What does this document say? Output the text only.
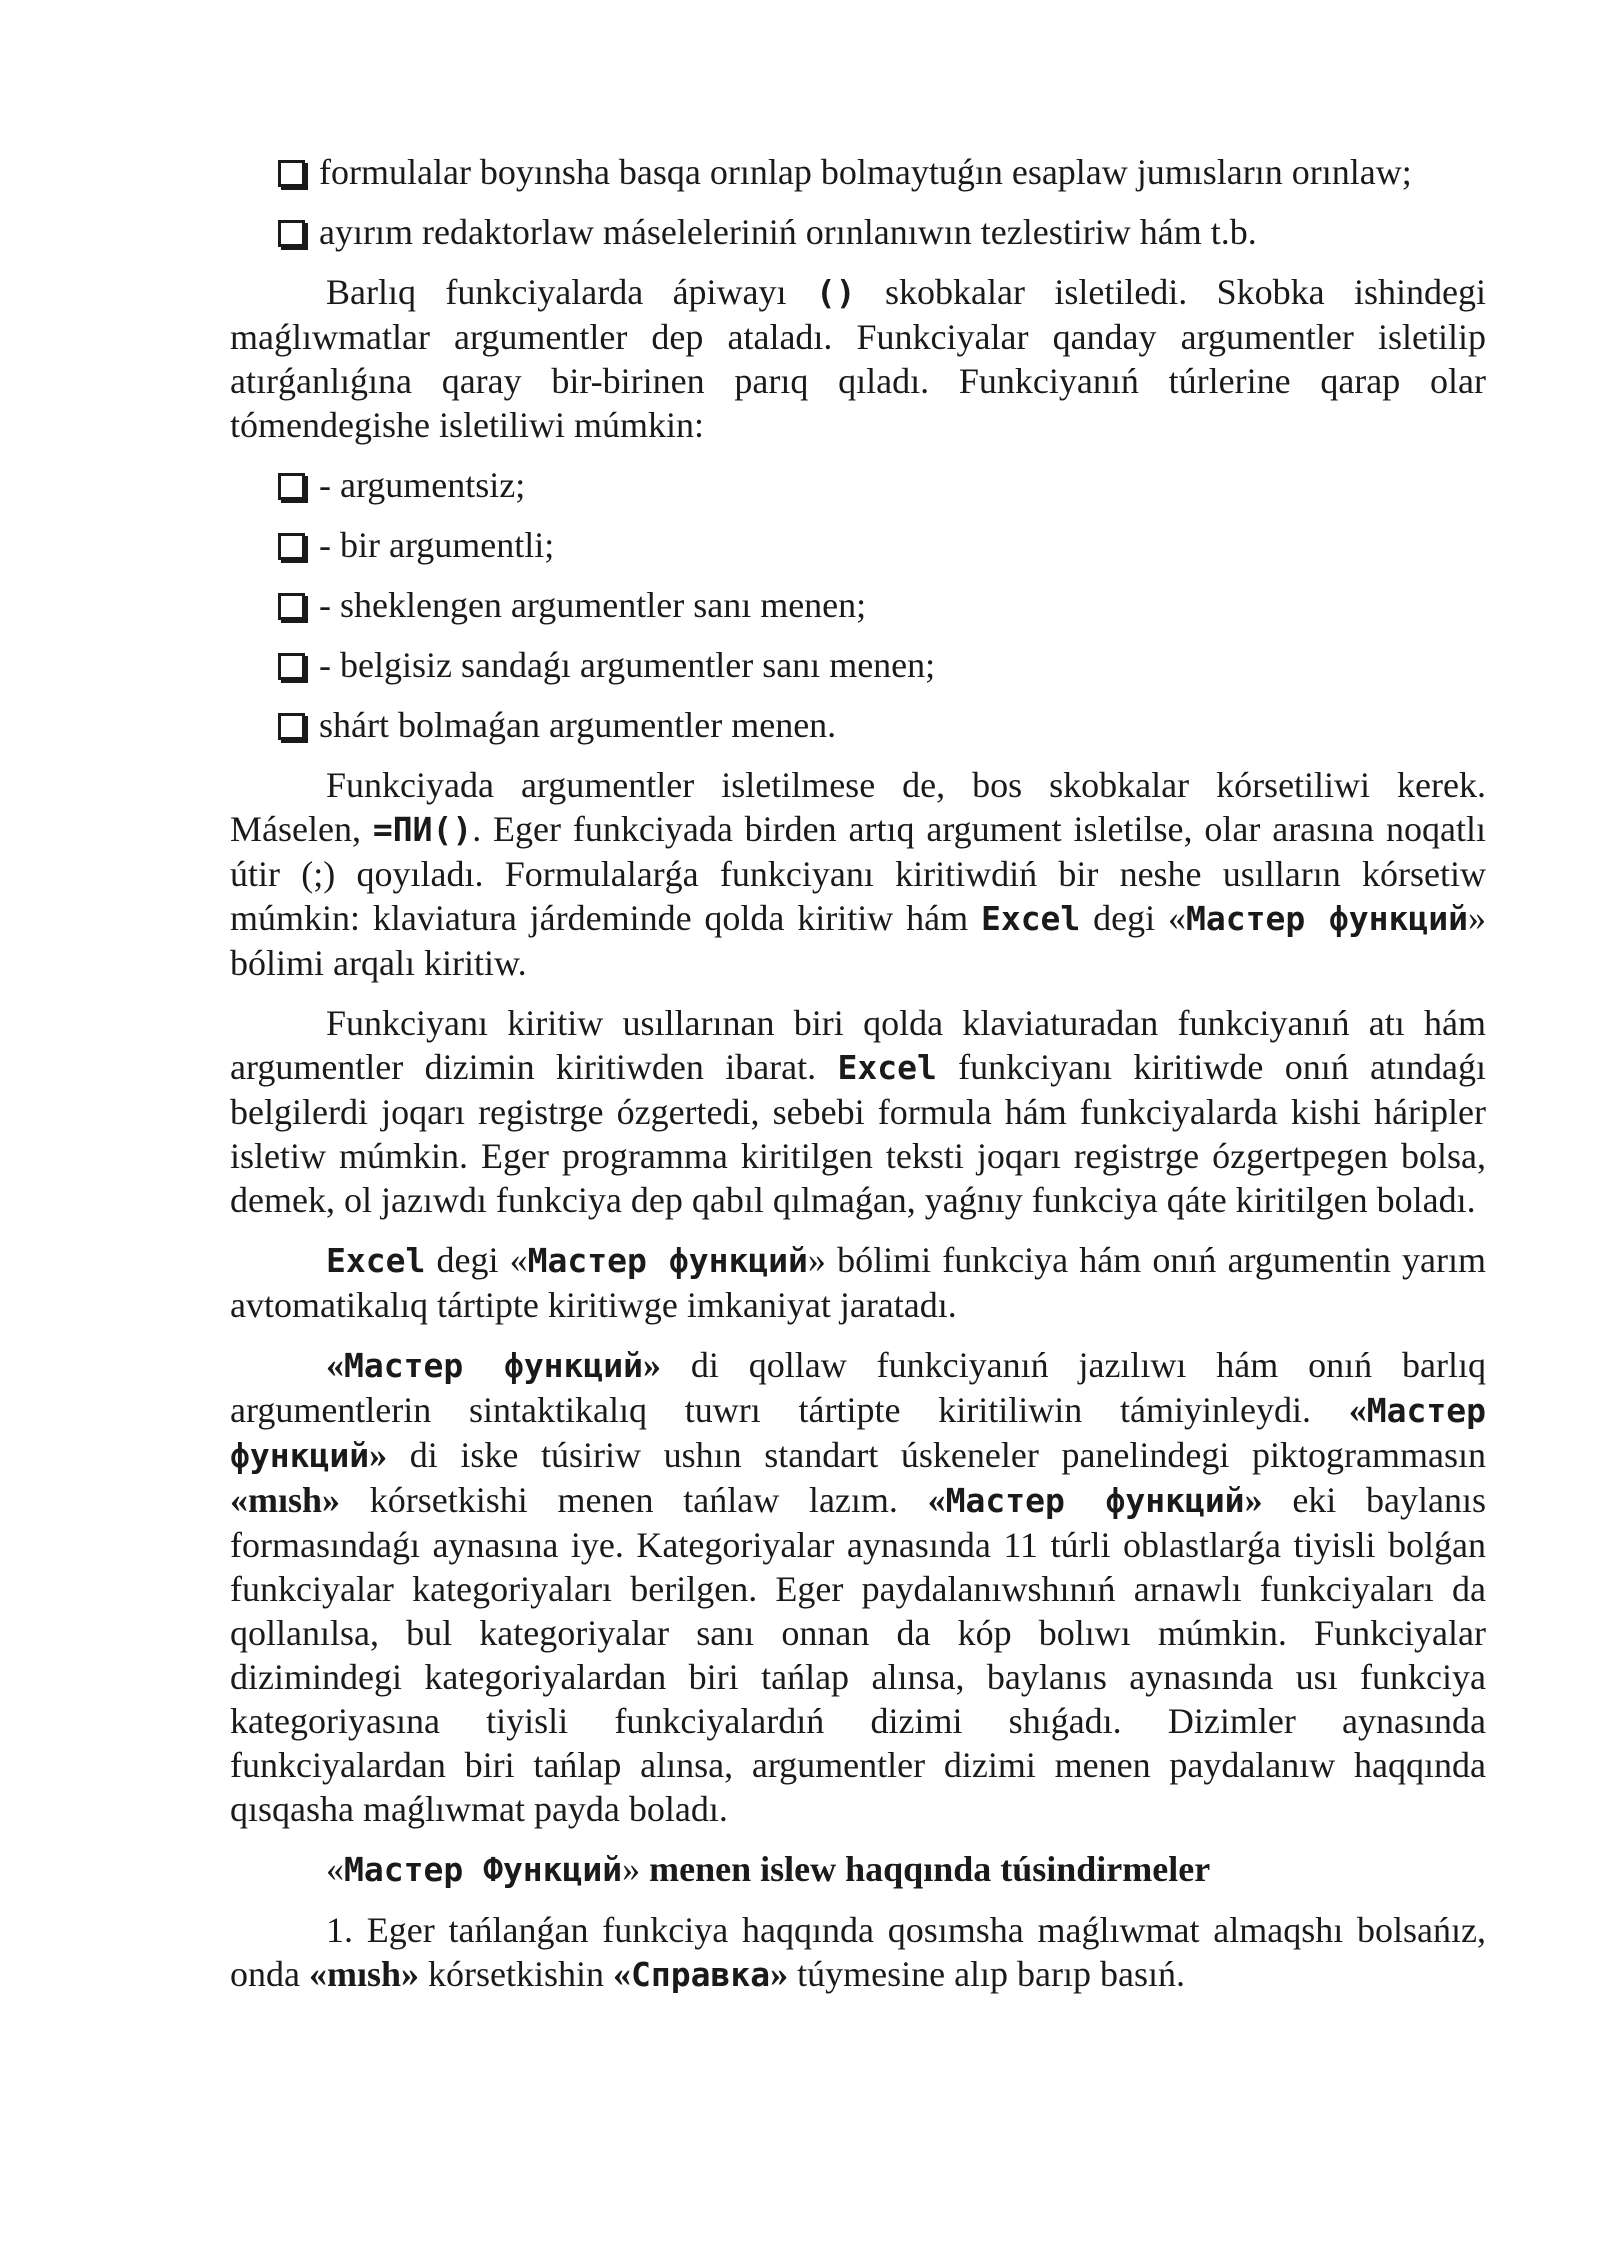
formulalar boyınsha basqa orınlap bolmaytuǵın esaplaw jumısların orınlaw;
ayırım redaktorlaw máseleleriniń orınlanıwın tezlestiriw hám t.b.

Barlıq funkciyalarda ápiwayı () skobkalar isletiledi. Skobka ishindegi maǵlıwmatlar argumentler dep ataladı. Funkciyalar qanday argumentler isletilip atırǵanlıǵına qaray bir-birinen parıq qıladı. Funkciyanıń túrlerine qarap olar tómendegishe isletiliwi múmkin:

- argumentsiz;
- bir argumentli;
- sheklengen argumentler sanı menen;
- belgisiz sandaǵı argumentler sanı menen;
shárt bolmaǵan argumentler menen.

Funkciyada argumentler isletilmese de, bos skobkalar kórsetiliwi kerek. Máselen, =ПИ(). Eger funkciyada birden artıq argument isletilse, olar arasına noqatlı útir (;) qoyıladı. Formulalarǵa funkciyanı kiritiwdiń bir neshe usılların kórsetiw múmkin: klaviatura járdeminde qolda kiritiw hám Excel degi «Мастер функций» bólimi arqalı kiritiw.

Funkciyanı kiritiw usıllarınan biri qolda klaviaturadan funkciyanıń atı hám argumentler dizimin kiritiwden ibarat. Excel funkciyanı kiritiwde onıń atındaǵı belgilerdi joqarı registrge ózgertedi, sebebi formula hám funkciyalarda kishi háripler isletiw múmkin. Eger programma kiritilgen teksti joqarı registrge ózgertpegen bolsa, demek, ol jazıwdı funkciya dep qabıl qılmaǵan, yaǵnıy funkciya qáte kiritilgen boladı.

Excel degi «Мастер функций» bólimi funkciya hám onıń argumentin yarım avtomatikalıq tártipte kiritiwge imkaniyat jaratadı.

«Мастер функций» di qollaw funkciyanıń jazılıwı hám onıń barlıq argumentlerin sintaktikalıq tuwrı tártipte kiritiliwin támiyinleydi. «Мастер функций» di iske túsiriw ushın standart úskeneler panelindegi piktogrammasın «mısh» kórsetkishi menen tańlaw lazım. «Мастер функций» eki baylanıs formasındaǵı aynasına iye. Kategoriyalar aynasında 11 túrli oblastlarǵa tiyisli bolǵan funkciyalar kategoriyaları berilgen. Eger paydalanıwshınıń arnawlı funkciyaları da qollanılsa, bul kategoriyalar sanı onnan da kóp bolıwı múmkin. Funkciyalar dizimindegi kategoriyalardan biri tańlap alınsa, baylanıs aynasında usı funkciya kategoriyasına tiyisli funkciyalardıń dizimi shıǵadı. Dizimler aynasında funkciyalardan biri tańlap alınsa, argumentler dizimi menen paydalanıw haqqında qısqasha maǵlıwmat payda boladı.

«Мастер Функций» menen islew haqqında túsindirmeler

1. Eger tańlanǵan funkciya haqqında qosımsha maǵlıwmat almaqshı bolsańız, onda «mısh» kórsetkishin «Справка» túymesine alıp barıp basıń.
